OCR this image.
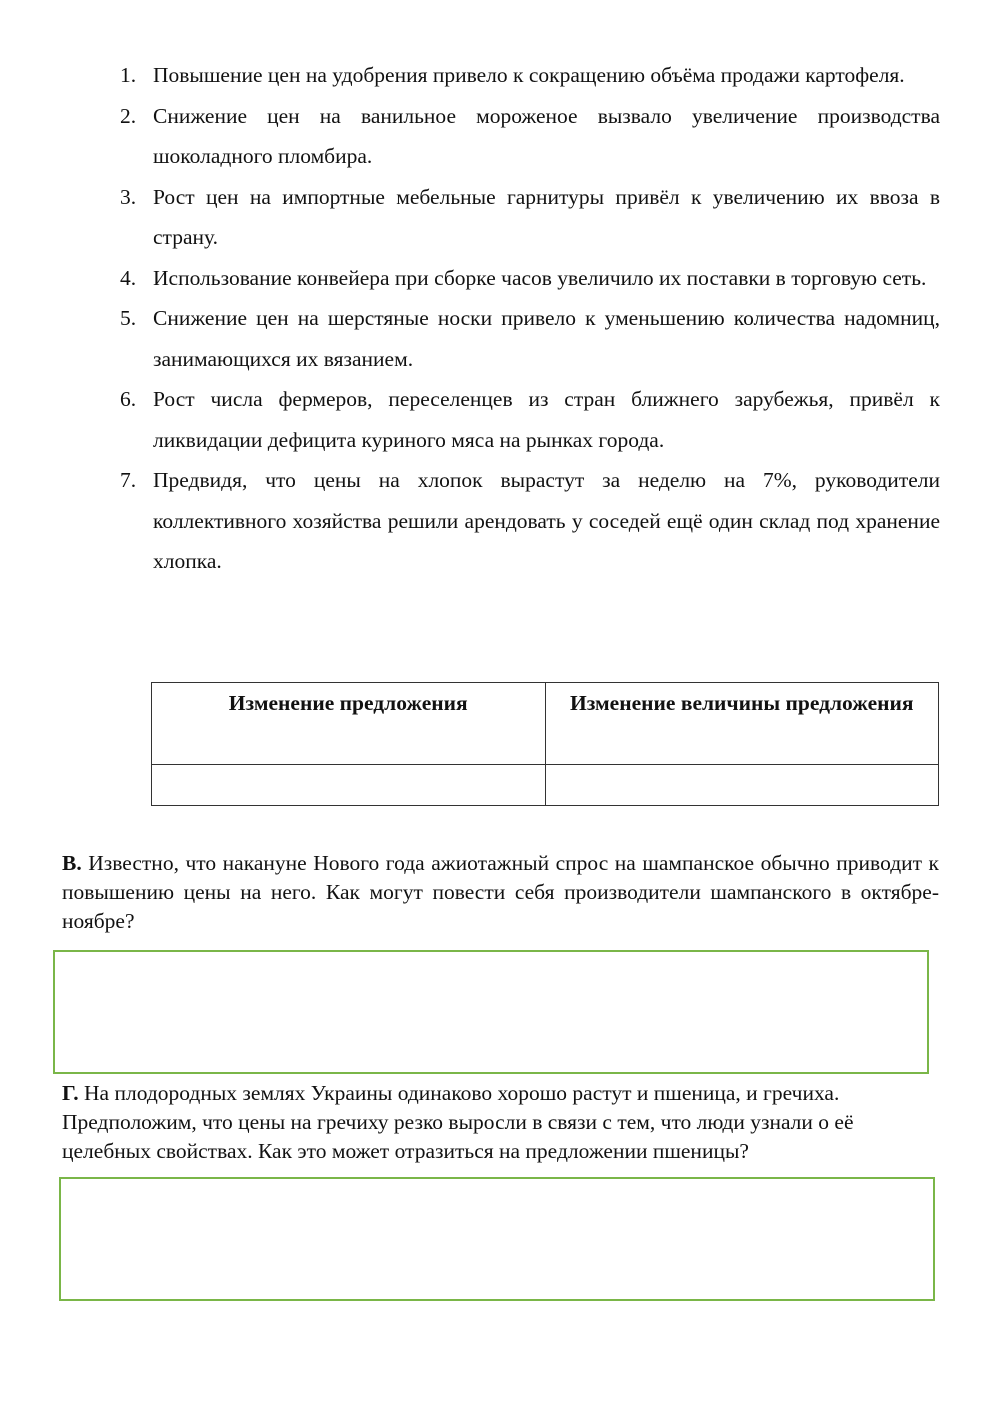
1. Повышение цен на удобрения привело к сокращению объёма продажи картофеля.
2. Снижение цен на ванильное мороженое вызвало увеличение производства шоколадного пломбира.
3. Рост цен на импортные мебельные гарнитуры привёл к увеличению их ввоза в страну.
4. Использование конвейера при сборке часов увеличило их поставки в торговую сеть.
5. Снижение цен на шерстяные носки привело к уменьшению количества надомниц, занимающихся их вязанием.
6. Рост числа фермеров, переселенцев из стран ближнего зарубежья, привёл к ликвидации дефицита куриного мяса на рынках города.
7. Предвидя, что цены на хлопок вырастут за неделю на 7%, руководители коллективного хозяйства решили арендовать у соседей ещё один склад под хранение хлопка.
Изменение предложения	Изменение величины предложения

В. Известно, что накануне Нового года ажиотажный спрос на шампанское обычно приводит к повышению цены на него. Как могут повести себя производители шампанского в октябре-ноябре?
Г. На плодородных землях Украины одинаково хорошо растут и пшеница, и гречиха. Предположим, что цены на гречиху резко выросли в связи с тем, что люди узнали о её целебных свойствах. Как это может отразиться на предложении пшеницы?
